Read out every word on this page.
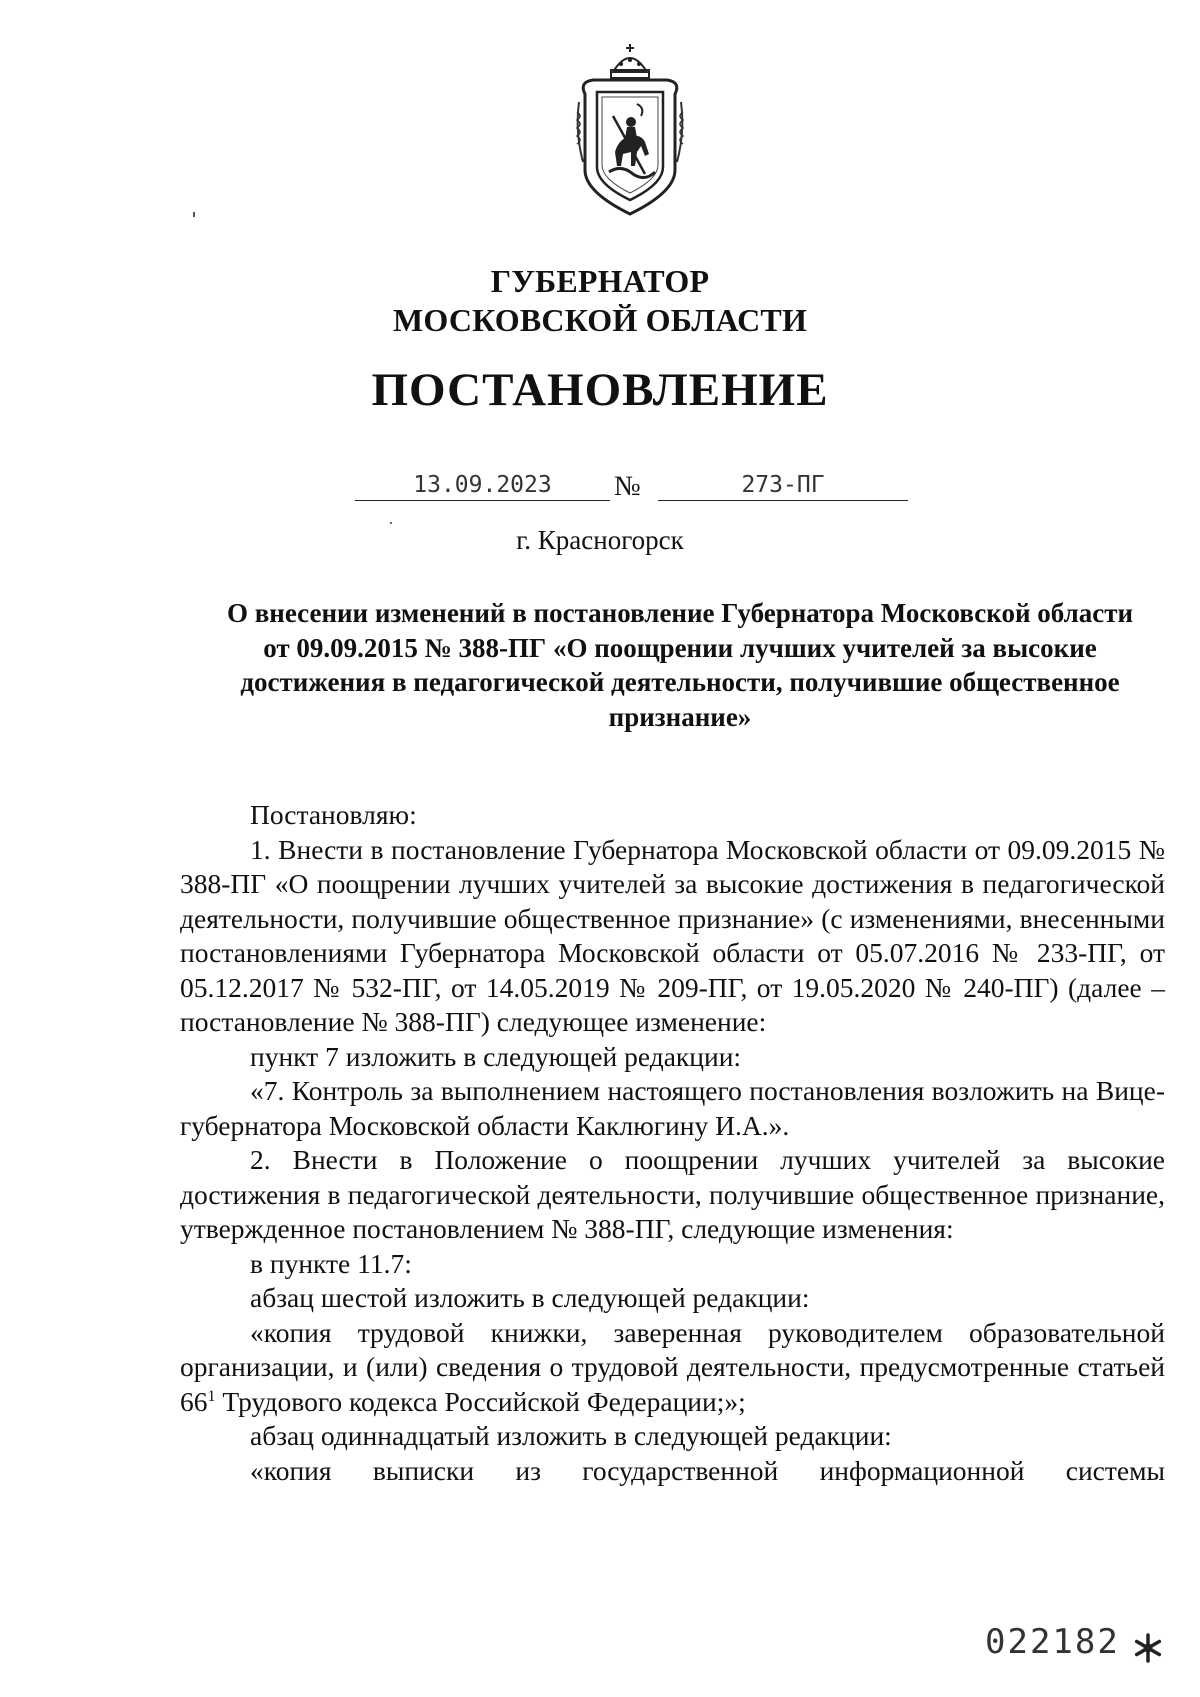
ГУБЕРНАТОР
МОСКОВСКОЙ ОБЛАСТИ
ПОСТАНОВЛЕНИЕ
13.09.2023	№	273-ПГ
г. Красногорск
О внесении изменений в постановление Губернатора Московской области
от 09.09.2015 № 388-ПГ «О поощрении лучших учителей за высокие
достижения в педагогической деятельности, получившие общественное
признание»

Постановляю:

1. Внести в постановление Губернатора Московской области от 09.09.2015 № 388-ПГ «О поощрении лучших учителей за высокие достижения в педагогической деятельности, получившие общественное признание» (с изменениями, внесенными постановлениями Губернатора Московской области от 05.07.2016 № 233-ПГ, от 05.12.2017 № 532-ПГ, от 14.05.2019 № 209-ПГ, от 19.05.2020 № 240-ПГ) (далее – постановление № 388-ПГ) следующее изменение:

пункт 7 изложить в следующей редакции:

«7. Контроль за выполнением настоящего постановления возложить на Вице-губернатора Московской области Каклюгину И.А.».

2. Внести в Положение о поощрении лучших учителей за высокие достижения в педагогической деятельности, получившие общественное признание, утвержденное постановлением № 388-ПГ, следующие изменения:

в пункте 11.7:

абзац шестой изложить в следующей редакции:

«копия трудовой книжки, заверенная руководителем образовательной организации, и (или) сведения о трудовой деятельности, предусмотренные статьей $66^1$ Трудового кодекса Российской Федерации;»;

абзац одиннадцатый изложить в следующей редакции:

«копия выписки из государственной информационной системы

022182
